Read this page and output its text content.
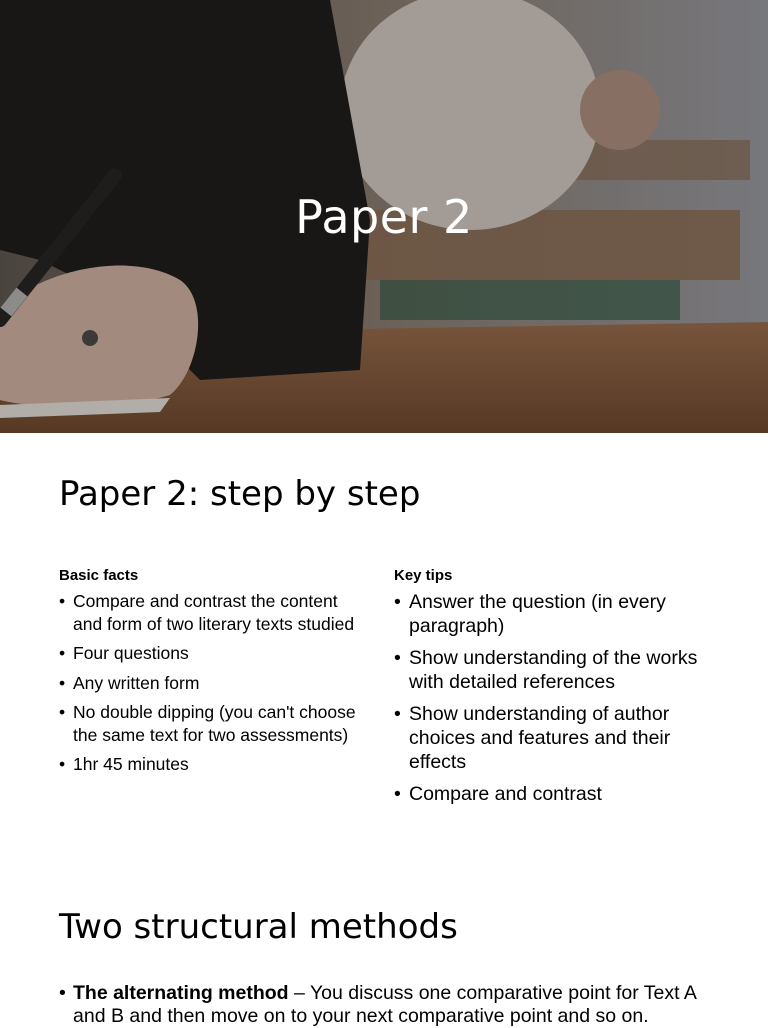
Paper 2
Paper 2: step by step
Basic facts
• Compare and contrast the content and form of two literary texts studied
• Four questions
• Any written form
• No double dipping (you can't choose the same text for two assessments)
• 1hr 45 minutes
Key tips
• Answer the question (in every paragraph)
• Show understanding of the works with detailed references
• Show understanding of author choices and features and their effects
• Compare and contrast
Two structural methods
• The alternating method – You discuss one comparative point for Text A and B and then move on to your next comparative point and so on.
